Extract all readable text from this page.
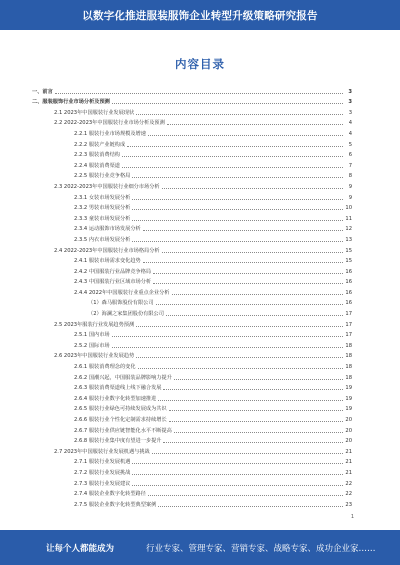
以数字化推进服装服饰企业转型升级策略研究报告
内容目录
一、前言	3
二、服装服饰行业市场分析及预测	3
2.1 2023年中国服装行业发展现状	3
2.2 2022-2023年中国服装行业市场分析及预测	4
2.2.1 服装行业市场规模及增速	4
2.2.2 服装产业链构成	5
2.2.3 服装消费结构	6
2.2.4 服装消费渠道	7
2.2.5 服装行业竞争格局	8
2.3 2022-2023年中国服装行业细分市场分析	9
2.3.1 女装市场发展分析	9
2.3.2 男装市场发展分析	10
2.3.3 童装市场发展分析	11
2.3.4 运动服饰市场发展分析	12
2.3.5 内衣市场发展分析	13
2.4 2022-2023年中国服装行业市场格局分析	15
2.4.1 服装市场需求变化趋势	15
2.4.2 中国服装行业品牌竞争格局	16
2.4.3 中国服装行业区域市场分析	16
2.4.4 2022年中国服装行业重点企业分析	16
（1）森马服饰股份有限公司	16
（2）海澜之家集团股份有限公司	17
2.5 2023年服装行业发展趋势预测	17
2.5.1 国内市场	17
2.5.2 国际市场	18
2.6 2023年中国服装行业发展趋势	18
2.6.1 服装消费理念的变化	18
2.6.2 国潮兴起，中国服装品牌影响力提升	18
2.6.3 服装消费渠道线上线下融合发展	19
2.6.4 服装行业数字化转型加速推进	19
2.6.5 服装行业绿色可持续发展成为共识	19
2.6.6 服装行业个性化定制需求持续增长	20
2.6.7 服装行业供应链智能化水平不断提高	20
2.6.8 服装行业集中度有望进一步提升	20
2.7 2023年中国服装行业发展机遇与挑战	21
2.7.1 服装行业发展机遇	21
2.7.2 服装行业发展挑战	21
2.7.3 服装行业发展建议	22
2.7.4 服装企业数字化转型路径	22
2.7.5 服装企业数字化转型典型案例	23
1
让每个人都能成为	行业专家、管理专家、营销专家、战略专家、成功企业家……
